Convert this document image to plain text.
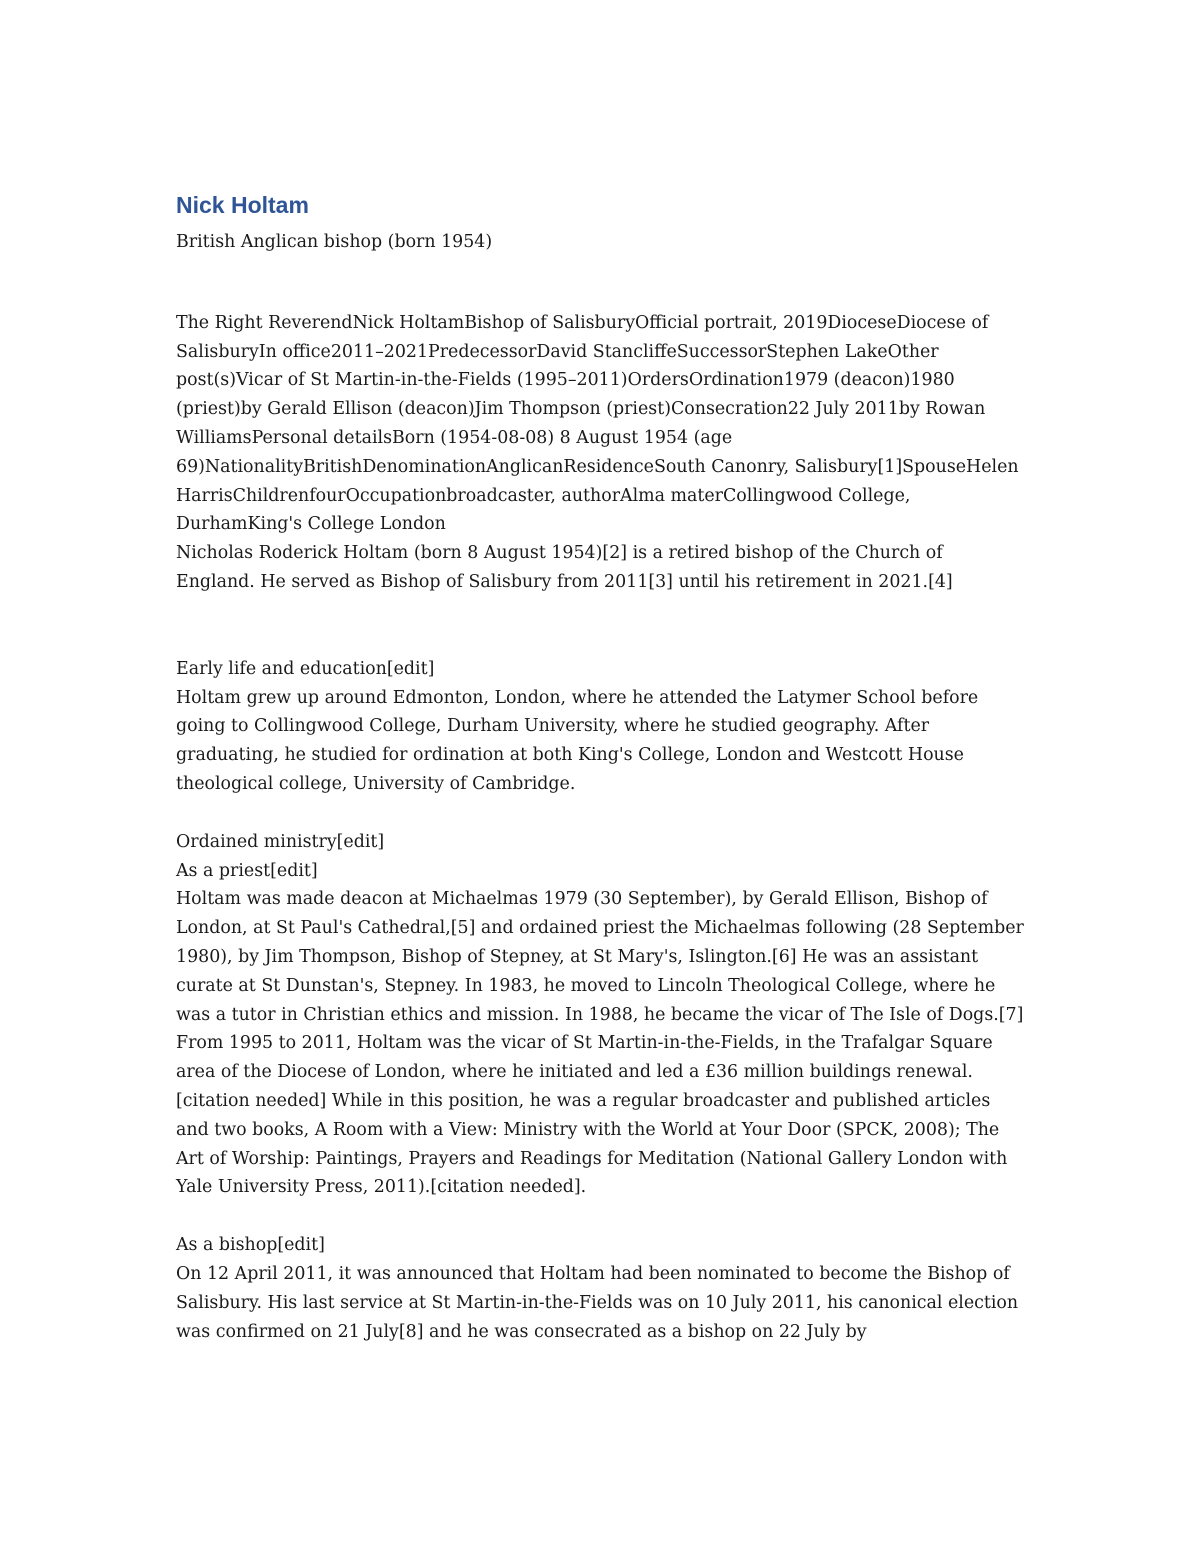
Nick Holtam

British Anglican bishop (born 1954)

The Right ReverendNick HoltamBishop of SalisburyOfficial portrait, 2019DioceseDiocese of SalisburyIn office2011–2021PredecessorDavid StancliffeSuccessorStephen LakeOther post(s)Vicar of St Martin-in-the-Fields (1995–2011)OrdersOrdination1979 (deacon)1980 (priest)by Gerald Ellison (deacon)Jim Thompson (priest)Consecration22 July 2011by Rowan WilliamsPersonal detailsBorn (1954-08-08) 8 August 1954 (age 69)NationalityBritishDenominationAnglicanResidenceSouth Canonry, Salisbury[1]SpouseHelen HarrisChildrenfourOccupationbroadcaster, authorAlma materCollingwood College, DurhamKing's College London

Nicholas Roderick Holtam (born 8 August 1954)[2] is a retired bishop of the Church of England. He served as Bishop of Salisbury from 2011[3] until his retirement in 2021.[4]

Early life and education[edit]

Holtam grew up around Edmonton, London, where he attended the Latymer School before going to Collingwood College, Durham University, where he studied geography. After graduating, he studied for ordination at both King's College, London and Westcott House theological college, University of Cambridge.

Ordained ministry[edit]

As a priest[edit]

Holtam was made deacon at Michaelmas 1979 (30 September), by Gerald Ellison, Bishop of London, at St Paul's Cathedral,[5] and ordained priest the Michaelmas following (28 September 1980), by Jim Thompson, Bishop of Stepney, at St Mary's, Islington.[6] He was an assistant curate at St Dunstan's, Stepney. In 1983, he moved to Lincoln Theological College, where he was a tutor in Christian ethics and mission. In 1988, he became the vicar of The Isle of Dogs.[7]

From 1995 to 2011, Holtam was the vicar of St Martin-in-the-Fields, in the Trafalgar Square area of the Diocese of London, where he initiated and led a £36 million buildings renewal.[citation needed] While in this position, he was a regular broadcaster and published articles and two books, A Room with a View: Ministry with the World at Your Door (SPCK, 2008); The Art of Worship: Paintings, Prayers and Readings for Meditation (National Gallery London with Yale University Press, 2011).[citation needed].

As a bishop[edit]

On 12 April 2011, it was announced that Holtam had been nominated to become the Bishop of Salisbury. His last service at St Martin-in-the-Fields was on 10 July 2011, his canonical election was confirmed on 21 July[8] and he was consecrated as a bishop on 22 July by
